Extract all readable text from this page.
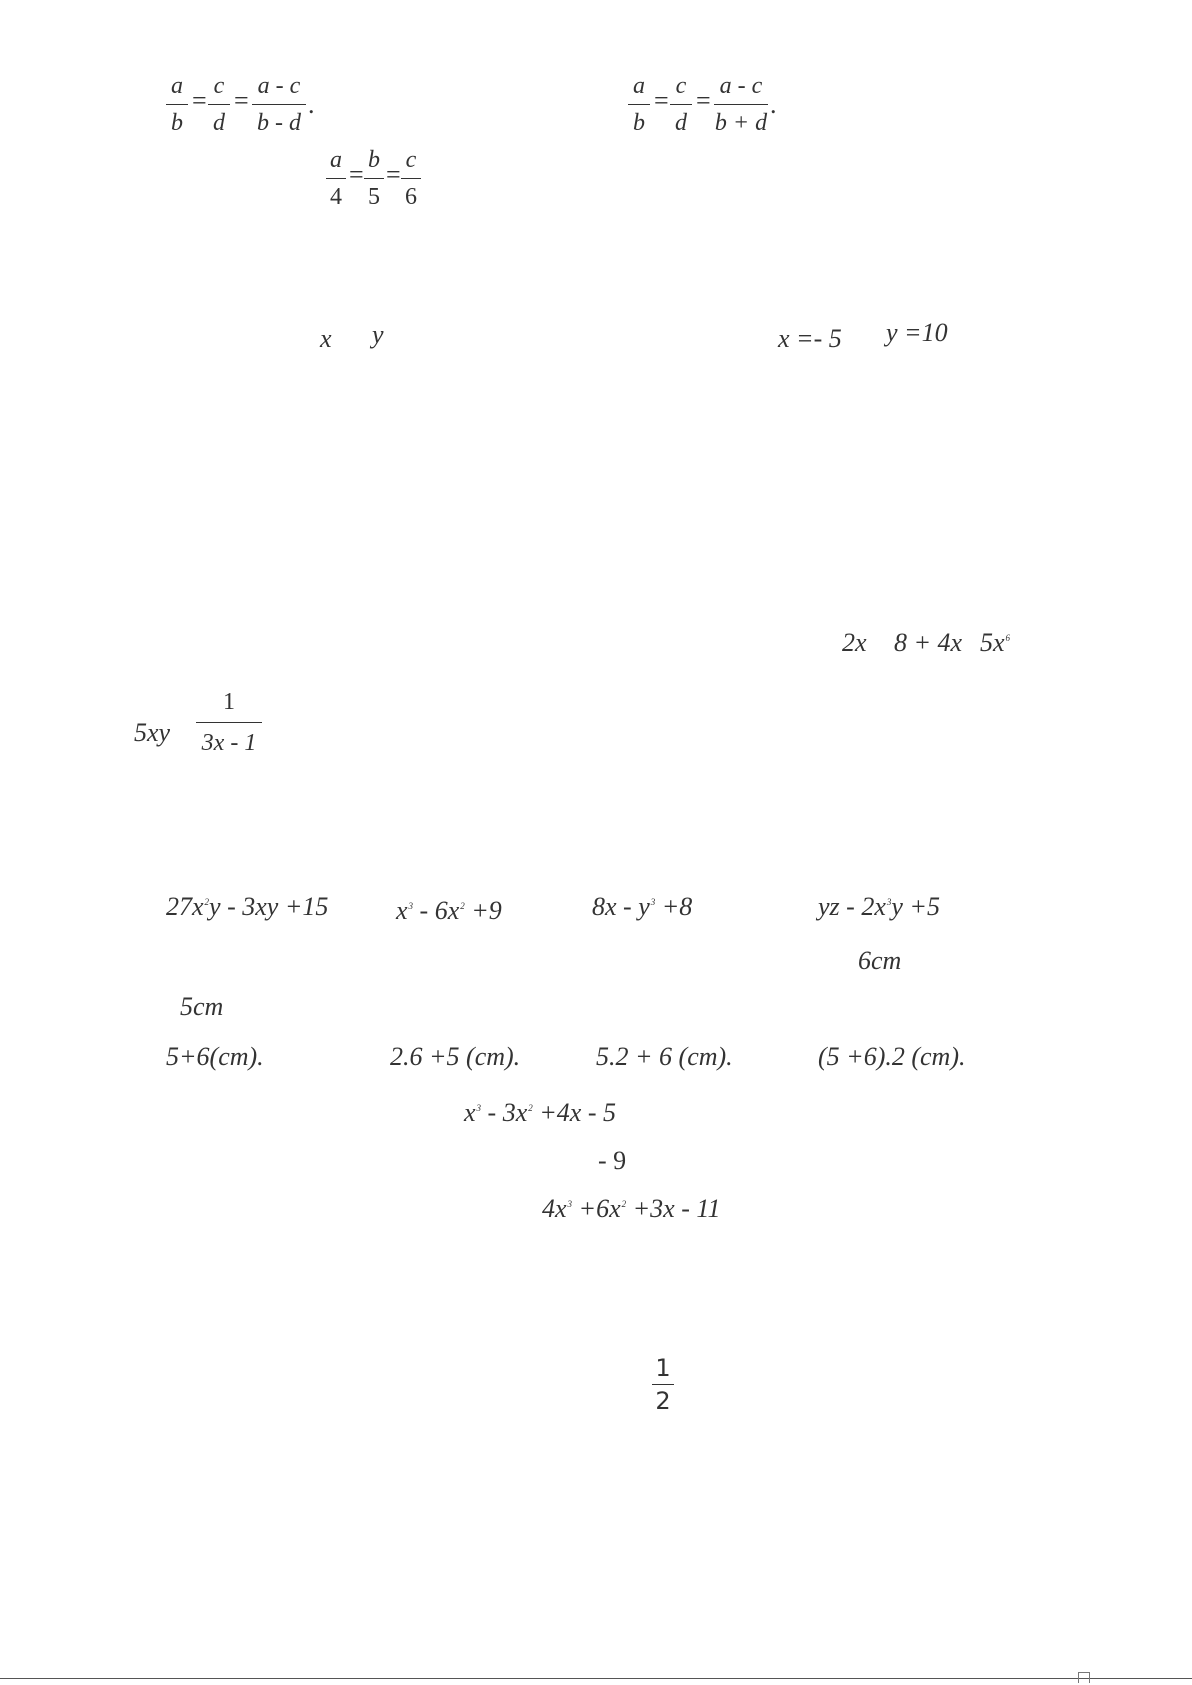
a
b
= c
d
= a - c
b - d
.
a
b
= c
d
= a - c
b + d
.
a
4
= b
5
= c
6
x y	x =- 5 y =10
2x 8 + 4x $5x^6$
5xy
1
3x - 1
$27x^2y - 3xy +15$	$x^3 - 6x^2 +9$	$8x - y^3 +8$	yz - $2x^3y +5$
6cm
5cm
5+6(cm).	2.6 +5 (cm).	5.2 + 6 (cm).	(5 +6).2 (cm).
$x^3 - 3x^2 +4x - 5$
- 9
$4x^3 +6x^2 +3x - 11$
1
2
